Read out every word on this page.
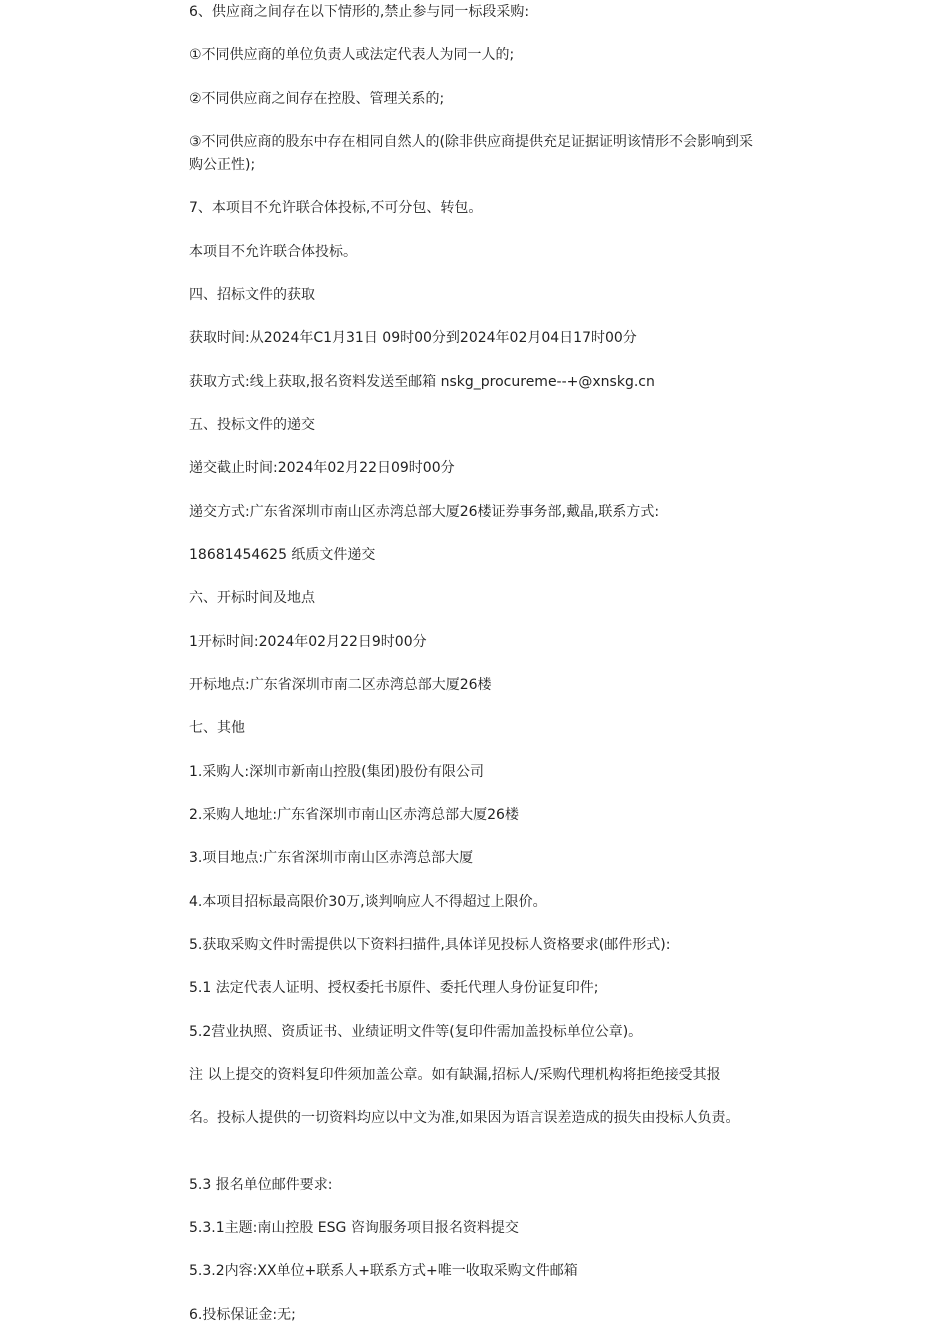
6、供应商之间存在以下情形的,禁止参与同一标段采购:

①不同供应商的单位负责人或法定代表人为同一人的;

②不同供应商之间存在控股、管理关系的;

③不同供应商的股东中存在相同自然人的(除非供应商提供充足证据证明该情形不会影响到采购公正性);

7、本项目不允许联合体投标,不可分包、转包。

本项目不允许联合体投标。

四、招标文件的获取

获取时间:从2024年C1月31日 09时00分到2024年02月04日17时00分

获取方式:线上获取,报名资料发送至邮箱 nskg_procureme--+@xnskg.cn

五、投标文件的递交

递交截止时间:2024年02月22日09时00分

递交方式:广东省深圳市南山区赤湾总部大厦26楼证券事务部,戴晶,联系方式:

18681454625 纸质文件递交

六、开标时间及地点

1开标时间:2024年02月22日9时00分

开标地点:广东省深圳市南二区赤湾总部大厦26楼

七、其他

1.采购人:深圳市新南山控股(集团)股份有限公司

2.采购人地址:广东省深圳市南山区赤湾总部大厦26楼

3.项目地点:广东省深圳市南山区赤湾总部大厦

4.本项目招标最高限价30万,谈判响应人不得超过上限价。

5.获取采购文件时需提供以下资料扫描件,具体详见投标人资格要求(邮件形式):

5.1 法定代表人证明、授权委托书原件、委托代理人身份证复印件;

5.2营业执照、资质证书、业绩证明文件等(复印件需加盖投标单位公章)。

注 以上提交的资料复印件须加盖公章。如有缺漏,招标人/采购代理机构将拒绝接受其报

名。投标人提供的一切资料均应以中文为准,如果因为语言误差造成的损失由投标人负责。

5.3 报名单位邮件要求:

5.3.1主题:南山控股 ESG 咨询服务项目报名资料提交

5.3.2内容:XX单位+联系人+联系方式+唯一收取采购文件邮箱

6.投标保证金:无;
